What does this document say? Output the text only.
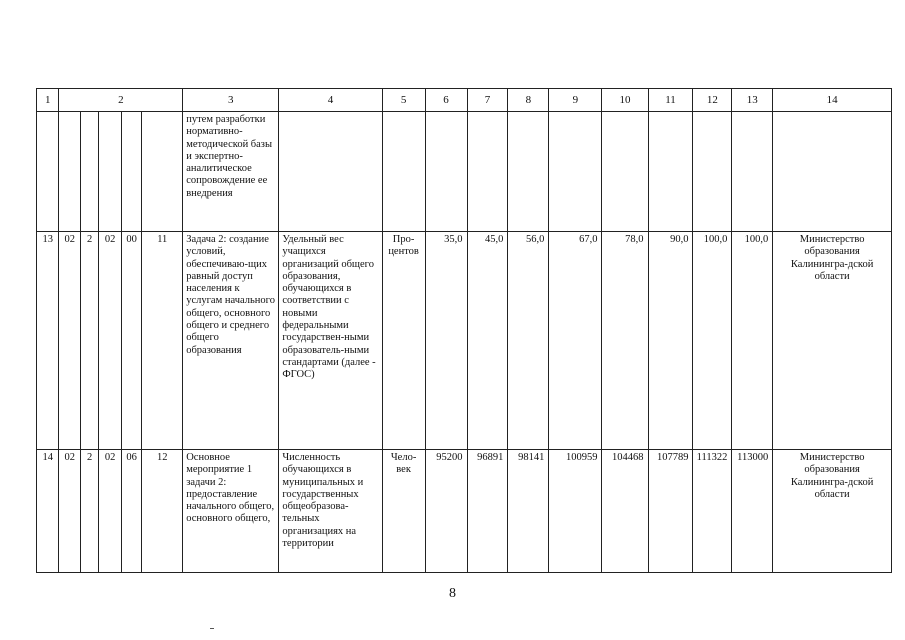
1	2					3	4	5	6	7	8	9	10	11	12	13	14
						путем разработки нормативно-методической базы и экспертно-аналитическое сопровождение ее внедрения											
13	02	2	02	00	11	Задача 2: создание условий, обеспечиваю-щих равный доступ населения к услугам начального общего, основного общего и среднего общего образования	Удельный вес учащихся организаций общего образования, обучающихся в соответствии с новыми федеральными государствен-ными образователь-ными стандартами (далее - ФГОС)	Про-центов	35,0	45,0	56,0	67,0	78,0	90,0	100,0	100,0	Министерство образования Калинингра-дской области
14	02	2	02	06	12	Основное мероприятие 1 задачи 2: предоставление начального общего, основного общего,	Численность обучающихся в муниципальных и государственных общеобразова-тельных организациях на территории	Чело-век	95200	96891	98141	100959	104468	107789	111322	113000	Министерство образования Калинингра-дской области
8
